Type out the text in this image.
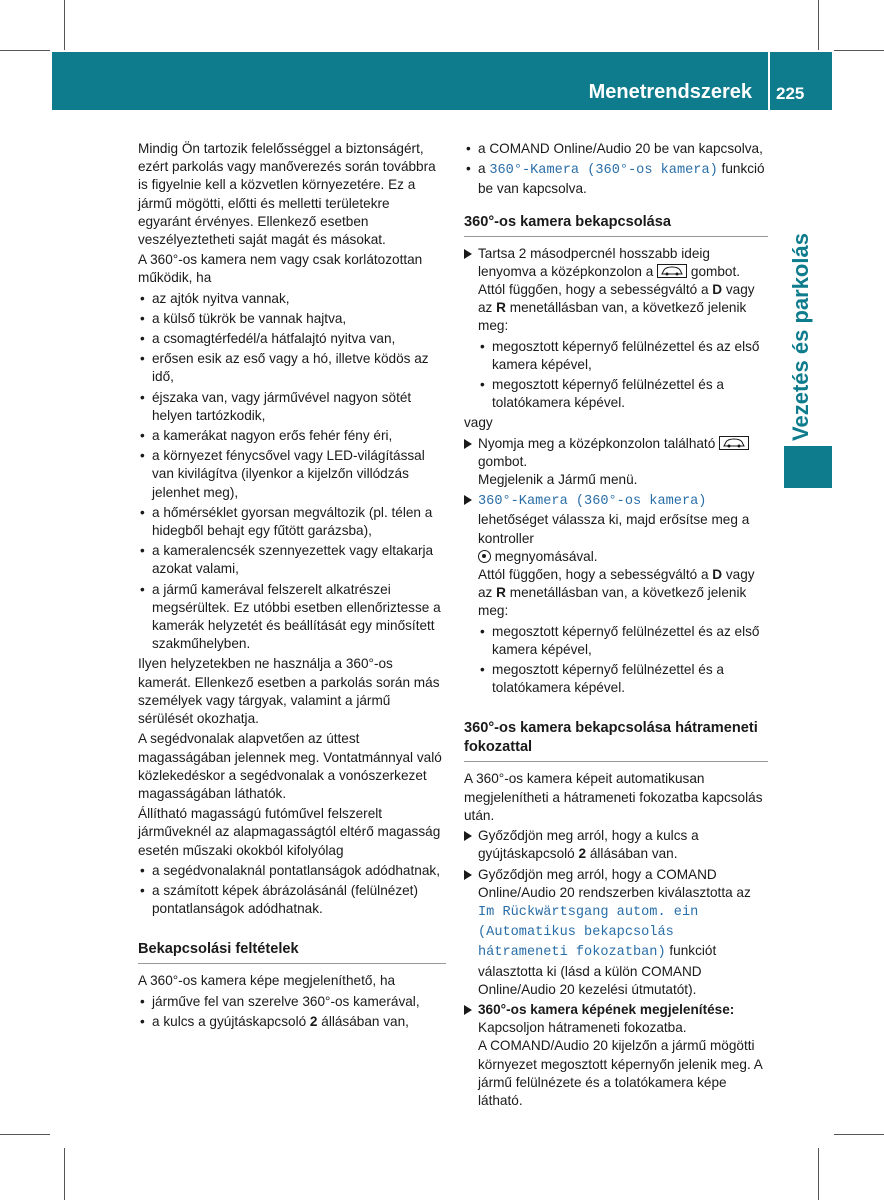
Menetrendszerek 225
Vezetés és parkolás

Mindig Ön tartozik felelősséggel a biztonságért, ezért parkolás vagy manőverezés során továbbra is figyelnie kell a közvetlen környezetére. Ez a jármű mögötti, előtti és melletti területekre egyaránt érvényes. Ellenkező esetben veszélyeztetheti saját magát és másokat.

A 360°-os kamera nem vagy csak korlátozottan működik, ha

• az ajtók nyitva vannak,
• a külső tükrök be vannak hajtva,
• a csomagtérfedél/a hátfalajtó nyitva van,
• erősen esik az eső vagy a hó, illetve ködös az idő,
• éjszaka van, vagy járművével nagyon sötét helyen tartózkodik,
• a kamerákat nagyon erős fehér fény éri,
• a környezet fénycsővel vagy LED-világítással van kivilágítva (ilyenkor a kijelzőn villódzás jelenhet meg),
• a hőmérséklet gyorsan megváltozik (pl. télen a hidegből behajt egy fűtött garázsba),
• a kameralencsék szennyezettek vagy eltakarja azokat valami,
• a jármű kamerával felszerelt alkatrészei megsérültek. Ez utóbbi esetben ellenőriztesse a kamerák helyzetét és beállítását egy minősített szakműhelyben.

Ilyen helyzetekben ne használja a 360°-os kamerát. Ellenkező esetben a parkolás során más személyek vagy tárgyak, valamint a jármű sérülését okozhatja.

A segédvonalak alapvetően az úttest magasságában jelennek meg. Vontatmánnyal való közlekedéskor a segédvonalak a vonószerkezet magasságában láthatók.

Állítható magasságú futóművel felszerelt járműveknél az alapmagasságtól eltérő magasság esetén műszaki okokból kifolyólag

• a segédvonalaknál pontatlanságok adódhatnak,
• a számított képek ábrázolásánál (felülnézet) pontatlanságok adódhatnak.
Bekapcsolási feltételek

A 360°-os kamera képe megjeleníthető, ha

• járműve fel van szerelve 360°-os kamerával,
• a kulcs a gyújtáskapcsoló 2 állásában van,
• a COMAND Online/Audio 20 be van kapcsolva,
• a 360°-Kamera (360°-os kamera) funkció be van kapcsolva.
360°-os kamera bekapcsolása
Tartsa 2 másodpercnél hosszabb ideig lenyomva a középkonzolon a
gombot.
Attól függően, hogy a sebességváltó a D vagy az R menetállásban van, a következő jelenik meg:
• megosztott képernyő felülnézettel és az első kamera képével,
• megosztott képernyő felülnézettel és a tolatókamera képével.

vagy

Nyomja meg a középkonzolon található
gombot.
Megjelenik a Jármű menü.
360°-Kamera (360°-os kamera) lehetőséget válassza ki, majd erősítse meg a kontroller
megnyomásával.
Attól függően, hogy a sebességváltó a D vagy az R menetállásban van, a következő jelenik meg:
• megosztott képernyő felülnézettel és az első kamera képével,
• megosztott képernyő felülnézettel és a tolatókamera képével.
360°-os kamera bekapcsolása hátrameneti fokozattal

A 360°-os kamera képeit automatikusan megjelenítheti a hátrameneti fokozatba kapcsolás után.

Győződjön meg arról, hogy a kulcs a gyújtáskapcsoló 2 állásában van.
Győződjön meg arról, hogy a COMAND Online/Audio 20 rendszerben kiválasztotta az Im Rückwärtsgang autom. ein (Automatikus bekapcsolás hátrameneti fokozatban) funkciót választotta ki (lásd a külön COMAND Online/Audio 20 kezelési útmutatót).
360°-os kamera képének megjelenítése:
Kapcsoljon hátrameneti fokozatba.
A COMAND/Audio 20 kijelzőn a jármű mögötti környezet megosztott képernyőn jelenik meg. A jármű felülnézete és a tolatókamera képe látható.
